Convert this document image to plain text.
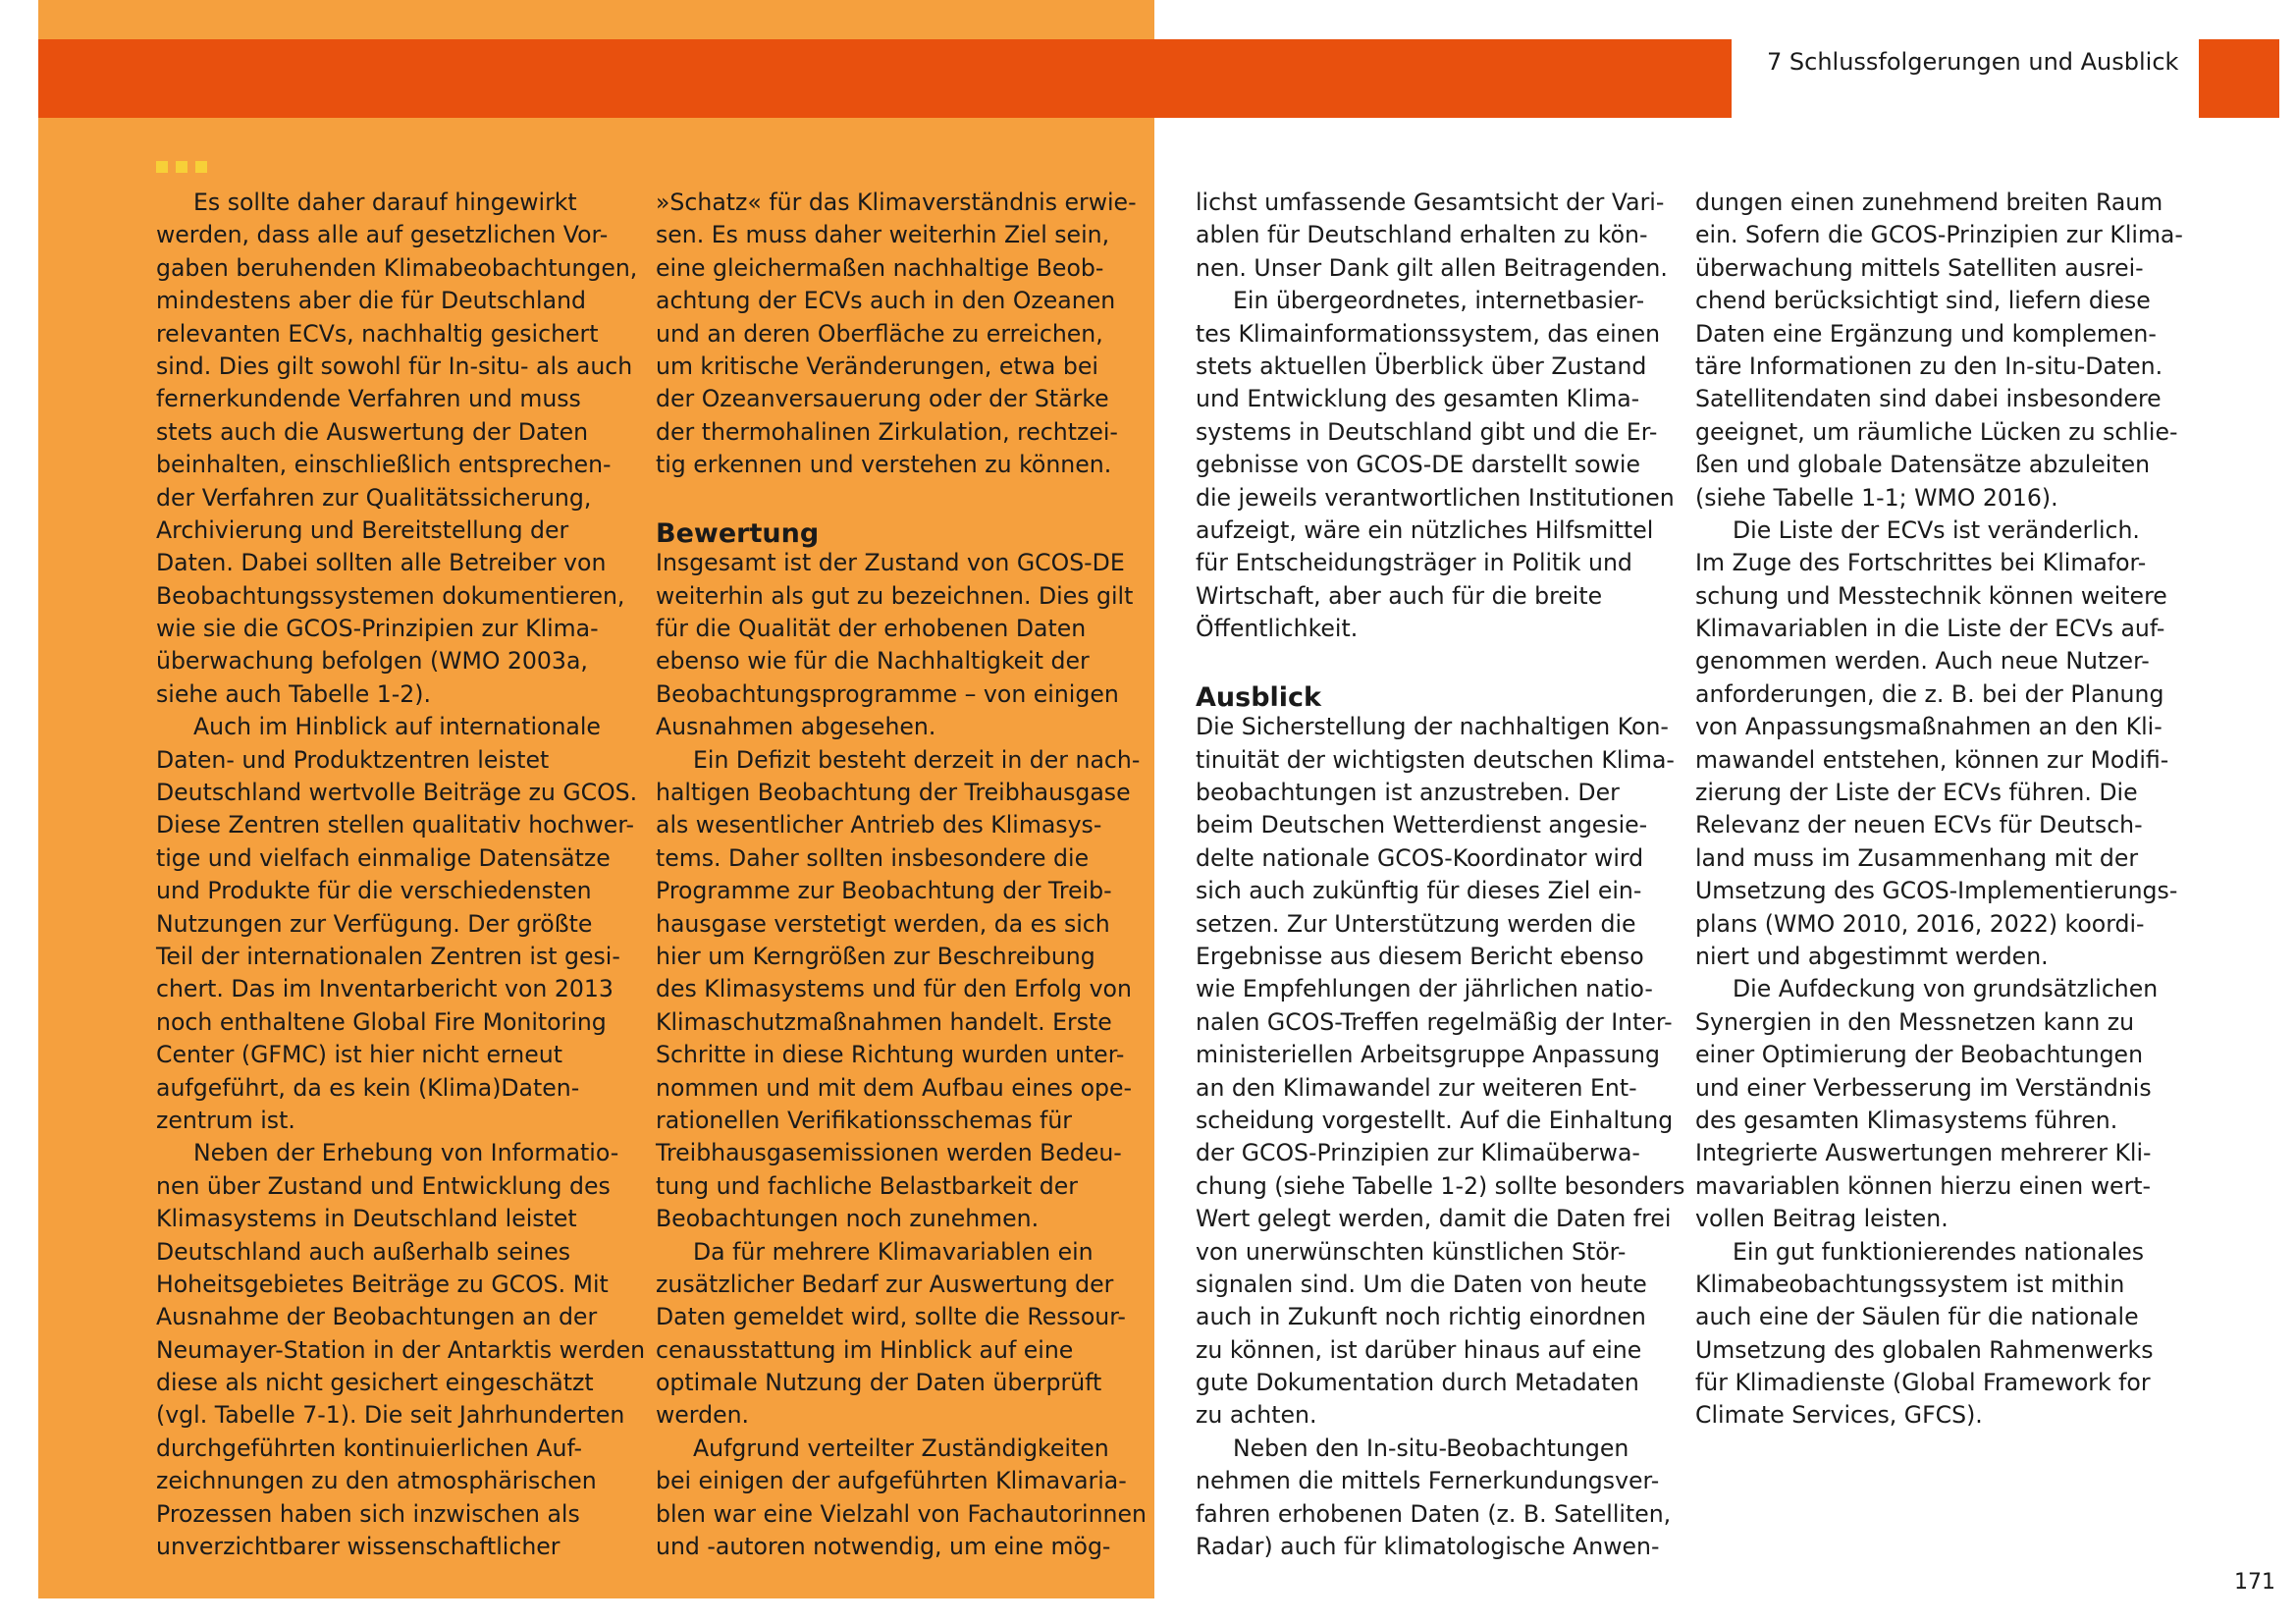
7 Schlussfolgerungen und Ausblick
Es sollte daher darauf hingewirkt
werden, dass alle auf gesetzlichen Vor-
gaben beruhenden Klimabeobachtungen,
mindestens aber die für Deutschland
relevanten ECVs, nachhaltig gesichert
sind. Dies gilt sowohl für In-situ- als auch
fernerkundende Verfahren und muss
stets auch die Auswertung der Daten
beinhalten, einschließlich entsprechen-
der Verfahren zur Qualitätssicherung,
Archivierung und Bereitstellung der
Daten. Dabei sollten alle Betreiber von
Beobachtungssystemen dokumentieren,
wie sie die GCOS-Prinzipien zur Klima-
überwachung befolgen (WMO 2003a,
siehe auch Tabelle 1-2).
Auch im Hinblick auf internationale
Daten- und Produktzentren leistet
Deutschland wertvolle Beiträge zu GCOS.
Diese Zentren stellen qualitativ hochwer-
tige und vielfach einmalige Datensätze
und Produkte für die verschiedensten
Nutzungen zur Verfügung. Der größte
Teil der internationalen Zentren ist gesi-
chert. Das im Inventarbericht von 2013
noch enthaltene Global Fire Monitoring
Center (GFMC) ist hier nicht erneut
aufgeführt, da es kein (Klima)Daten-
zentrum ist.
Neben der Erhebung von Informatio-
nen über Zustand und Entwicklung des
Klimasystems in Deutschland leistet
Deutschland auch außerhalb seines
Hoheitsgebietes Beiträge zu GCOS. Mit
Ausnahme der Beobachtungen an der
Neumayer-Station in der Antarktis werden
diese als nicht gesichert eingeschätzt
(vgl. Tabelle 7-1). Die seit Jahrhunderten
durchgeführten kontinuierlichen Auf-
zeichnungen zu den atmosphärischen
Prozessen haben sich inzwischen als
unverzichtbarer wissenschaftlicher
»Schatz« für das Klimaverständnis erwie-
sen. Es muss daher weiterhin Ziel sein,
eine gleichermaßen nachhaltige Beob-
achtung der ECVs auch in den Ozeanen
und an deren Oberfläche zu erreichen,
um kritische Veränderungen, etwa bei
der Ozeanversauerung oder der Stärke
der thermohalinen Zirkulation, rechtzei-
tig erkennen und verstehen zu können.
Bewertung
Insgesamt ist der Zustand von GCOS-DE
weiterhin als gut zu bezeichnen. Dies gilt
für die Qualität der erhobenen Daten
ebenso wie für die Nachhaltigkeit der
Beobachtungsprogramme – von einigen
Ausnahmen abgesehen.
Ein Defizit besteht derzeit in der nach-
haltigen Beobachtung der Treibhausgase
als wesentlicher Antrieb des Klimasys-
tems. Daher sollten insbesondere die
Programme zur Beobachtung der Treib-
hausgase verstetigt werden, da es sich
hier um Kerngrößen zur Beschreibung
des Klimasystems und für den Erfolg von
Klimaschutzmaßnahmen handelt. Erste
Schritte in diese Richtung wurden unter-
nommen und mit dem Aufbau eines ope-
rationellen Verifikationsschemas für
Treibhausgasemissionen werden Bedeu-
tung und fachliche Belastbarkeit der
Beobachtungen noch zunehmen.
Da für mehrere Klimavariablen ein
zusätzlicher Bedarf zur Auswertung der
Daten gemeldet wird, sollte die Ressour-
cenausstattung im Hinblick auf eine
optimale Nutzung der Daten überprüft
werden.
Aufgrund verteilter Zuständigkeiten
bei einigen der aufgeführten Klimavaria-
blen war eine Vielzahl von Fachautorinnen
und -autoren notwendig, um eine mög-
lichst umfassende Gesamtsicht der Vari-
ablen für Deutschland erhalten zu kön-
nen. Unser Dank gilt allen Beitragenden.
Ein übergeordnetes, internetbasier-
tes Klimainformationssystem, das einen
stets aktuellen Überblick über Zustand
und Entwicklung des gesamten Klima-
systems in Deutschland gibt und die Er-
gebnisse von GCOS-DE darstellt sowie
die jeweils verantwortlichen Institutionen
aufzeigt, wäre ein nützliches Hilfsmittel
für Entscheidungsträger in Politik und
Wirtschaft, aber auch für die breite
Öffentlichkeit.
Ausblick
Die Sicherstellung der nachhaltigen Kon-
tinuität der wichtigsten deutschen Klima-
beobachtungen ist anzustreben. Der
beim Deutschen Wetterdienst angesie-
delte nationale GCOS-Koordinator wird
sich auch zukünftig für dieses Ziel ein-
setzen. Zur Unterstützung werden die
Ergebnisse aus diesem Bericht ebenso
wie Empfehlungen der jährlichen natio-
nalen GCOS-Treffen regelmäßig der Inter-
ministeriellen Arbeitsgruppe Anpassung
an den Klimawandel zur weiteren Ent-
scheidung vorgestellt. Auf die Einhaltung
der GCOS-Prinzipien zur Klimaüberwa-
chung (siehe Tabelle 1-2) sollte besonders
Wert gelegt werden, damit die Daten frei
von unerwünschten künstlichen Stör-
signalen sind. Um die Daten von heute
auch in Zukunft noch richtig einordnen
zu können, ist darüber hinaus auf eine
gute Dokumentation durch Metadaten
zu achten.
Neben den In-situ-Beobachtungen
nehmen die mittels Fernerkundungsver-
fahren erhobenen Daten (z. B. Satelliten,
Radar) auch für klimatologische Anwen-
dungen einen zunehmend breiten Raum
ein. Sofern die GCOS-Prinzipien zur Klima-
überwachung mittels Satelliten ausrei-
chend berücksichtigt sind, liefern diese
Daten eine Ergänzung und komplemen-
täre Informationen zu den In-situ-Daten.
Satellitendaten sind dabei insbesondere
geeignet, um räumliche Lücken zu schlie-
ßen und globale Datensätze abzuleiten
(siehe Tabelle 1-1; WMO 2016).
Die Liste der ECVs ist veränderlich.
Im Zuge des Fortschrittes bei Klimafor-
schung und Messtechnik können weitere
Klimavariablen in die Liste der ECVs auf-
genommen werden. Auch neue Nutzer-
anforderungen, die z. B. bei der Planung
von Anpassungsmaßnahmen an den Kli-
mawandel entstehen, können zur Modifi-
zierung der Liste der ECVs führen. Die
Relevanz der neuen ECVs für Deutsch-
land muss im Zusammenhang mit der
Umsetzung des GCOS-Implementierungs-
plans (WMO 2010, 2016, 2022) koordi-
niert und abgestimmt werden.
Die Aufdeckung von grundsätzlichen
Synergien in den Messnetzen kann zu
einer Optimierung der Beobachtungen
und einer Verbesserung im Verständnis
des gesamten Klimasystems führen.
Integrierte Auswertungen mehrerer Kli-
mavariablen können hierzu einen wert-
vollen Beitrag leisten.
Ein gut funktionierendes nationales
Klimabeobachtungssystem ist mithin
auch eine der Säulen für die nationale
Umsetzung des globalen Rahmenwerks
für Klimadienste (Global Framework for
Climate Services, GFCS).
171
